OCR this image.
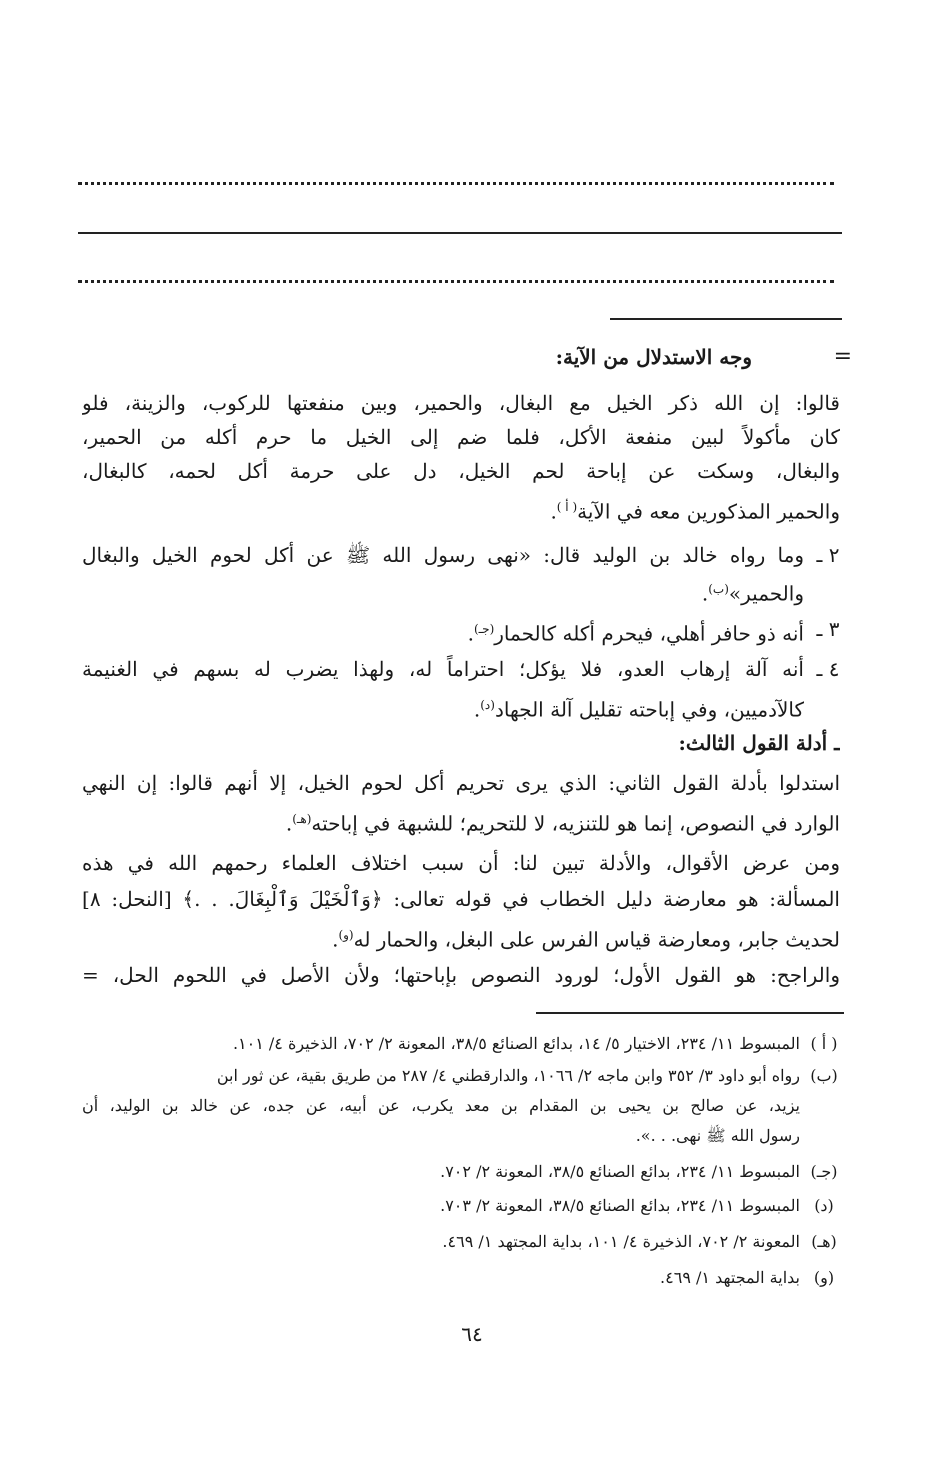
=
وجه الاستدلال من الآية:
قالوا: إن الله ذكر الخيل مع البغال، والحمير، وبين منفعتها للركوب، والزينة، فلو
كان مأكولاً لبين منفعة الأكل، فلما ضم إلى الخيل ما حرم أكله من الحمير،
والبغال، وسكت عن إباحة لحم الخيل، دل على حرمة أكل لحمه، كالبغال،
والحمير المذكورين معه في الآية$^{( أ )}$.
٢ ـ
وما رواه خالد بن الوليد قال: «نهى رسول الله ﷺ عن أكل لحوم الخيل والبغال
والحمير»$^{(ب)}$.
٣ ـ
أنه ذو حافر أهلي، فيحرم أكله كالحمار$^{(جـ)}$.
٤ ـ
أنه آلة إرهاب العدو، فلا يؤكل؛ احتراماً له، ولهذا يضرب له بسهم في الغنيمة
كالآدميين، وفي إباحته تقليل آلة الجهاد$^{(د)}$.
ـ أدلة القول الثالث:
استدلوا بأدلة القول الثاني: الذي يرى تحريم أكل لحوم الخيل، إلا أنهم قالوا: إن النهي
الوارد في النصوص، إنما هو للتنزيه، لا للتحريم؛ للشبهة في إباحته$^{(هـ)}$.
ومن عرض الأقوال، والأدلة تبين لنا: أن سبب اختلاف العلماء رحمهم الله في هذه
المسألة: هو معارضة دليل الخطاب في قوله تعالى: ﴿وَٱلْخَيْلَ وَٱلْبِغَالَ. . .﴾ [النحل: ٨]
لحديث جابر، ومعارضة قياس الفرس على البغل، والحمار له$^{(و)}$.
والراجح: هو القول الأول؛ لورود النصوص بإباحتها؛ ولأن الأصل في اللحوم الحل، =
( أ )المبسوط ١١/ ٢٣٤، الاختيار ٥/ ١٤، بدائع الصنائع ٣٨/٥، المعونة ٢/ ٧٠٢، الذخيرة ٤/ ١٠١.
(ب)رواه أبو داود ٣/ ٣٥٢ وابن ماجه ٢/ ١٠٦٦، والدارقطني ٤/ ٢٨٧ من طريق بقية، عن ثور ابن
يزيد، عن صالح بن يحيى بن المقدام بن معد يكرب، عن أبيه، عن جده، عن خالد بن الوليد، أن
رسول الله ﷺ نهى. . .».
(جـ)المبسوط ١١/ ٢٣٤، بدائع الصنائع ٣٨/٥، المعونة ٢/ ٧٠٢.
(د)المبسوط ١١/ ٢٣٤، بدائع الصنائع ٣٨/٥، المعونة ٢/ ٧٠٣.
(هـ)المعونة ٢/ ٧٠٢، الذخيرة ٤/ ١٠١، بداية المجتهد ١/ ٤٦٩.
(و)بداية المجتهد ١/ ٤٦٩.
٦٤
